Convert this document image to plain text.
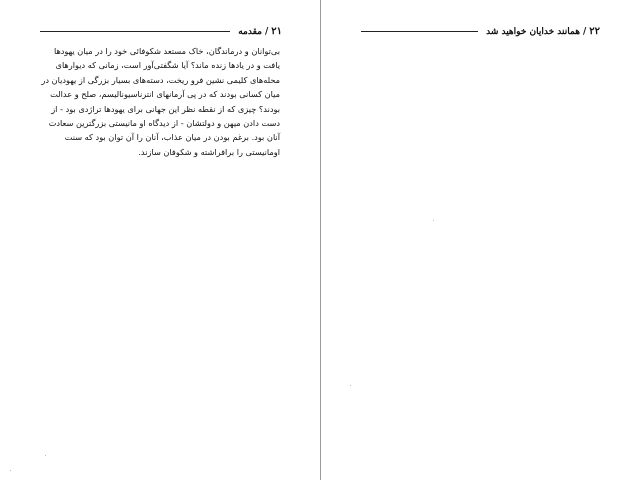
۲۱
/
مقدمه

بی‌توانان و درماندگان، خاک مستعد شکوفائی خود را در میان یهودها

یافت و در یادها زنده ماند؟ آیا شگفتی‌آور است، زمانی که دیوارهای

محله‌های کلیمی نشین فرو ریخت، دسته‌های بسیار بزرگی از یهودیان در

میان کسانی بودند که در پی آرمانهای انترناسیونالیسم، صلح و عدالت

بودند؟ چیزی که از نقطه نظر این جهانی برای یهودها تراژدی بود - از

دست دادن میهن و دولتشان - از دیدگاه او مانیستی بزرگترین سعادت

آنان بود. برغم بودن در میان عذاب، آنان را آن توان بود که سنت

اومانیستی را برافراشته و شکوفان سازند.

۲۲
/
همانند خدایان خواهید شد
